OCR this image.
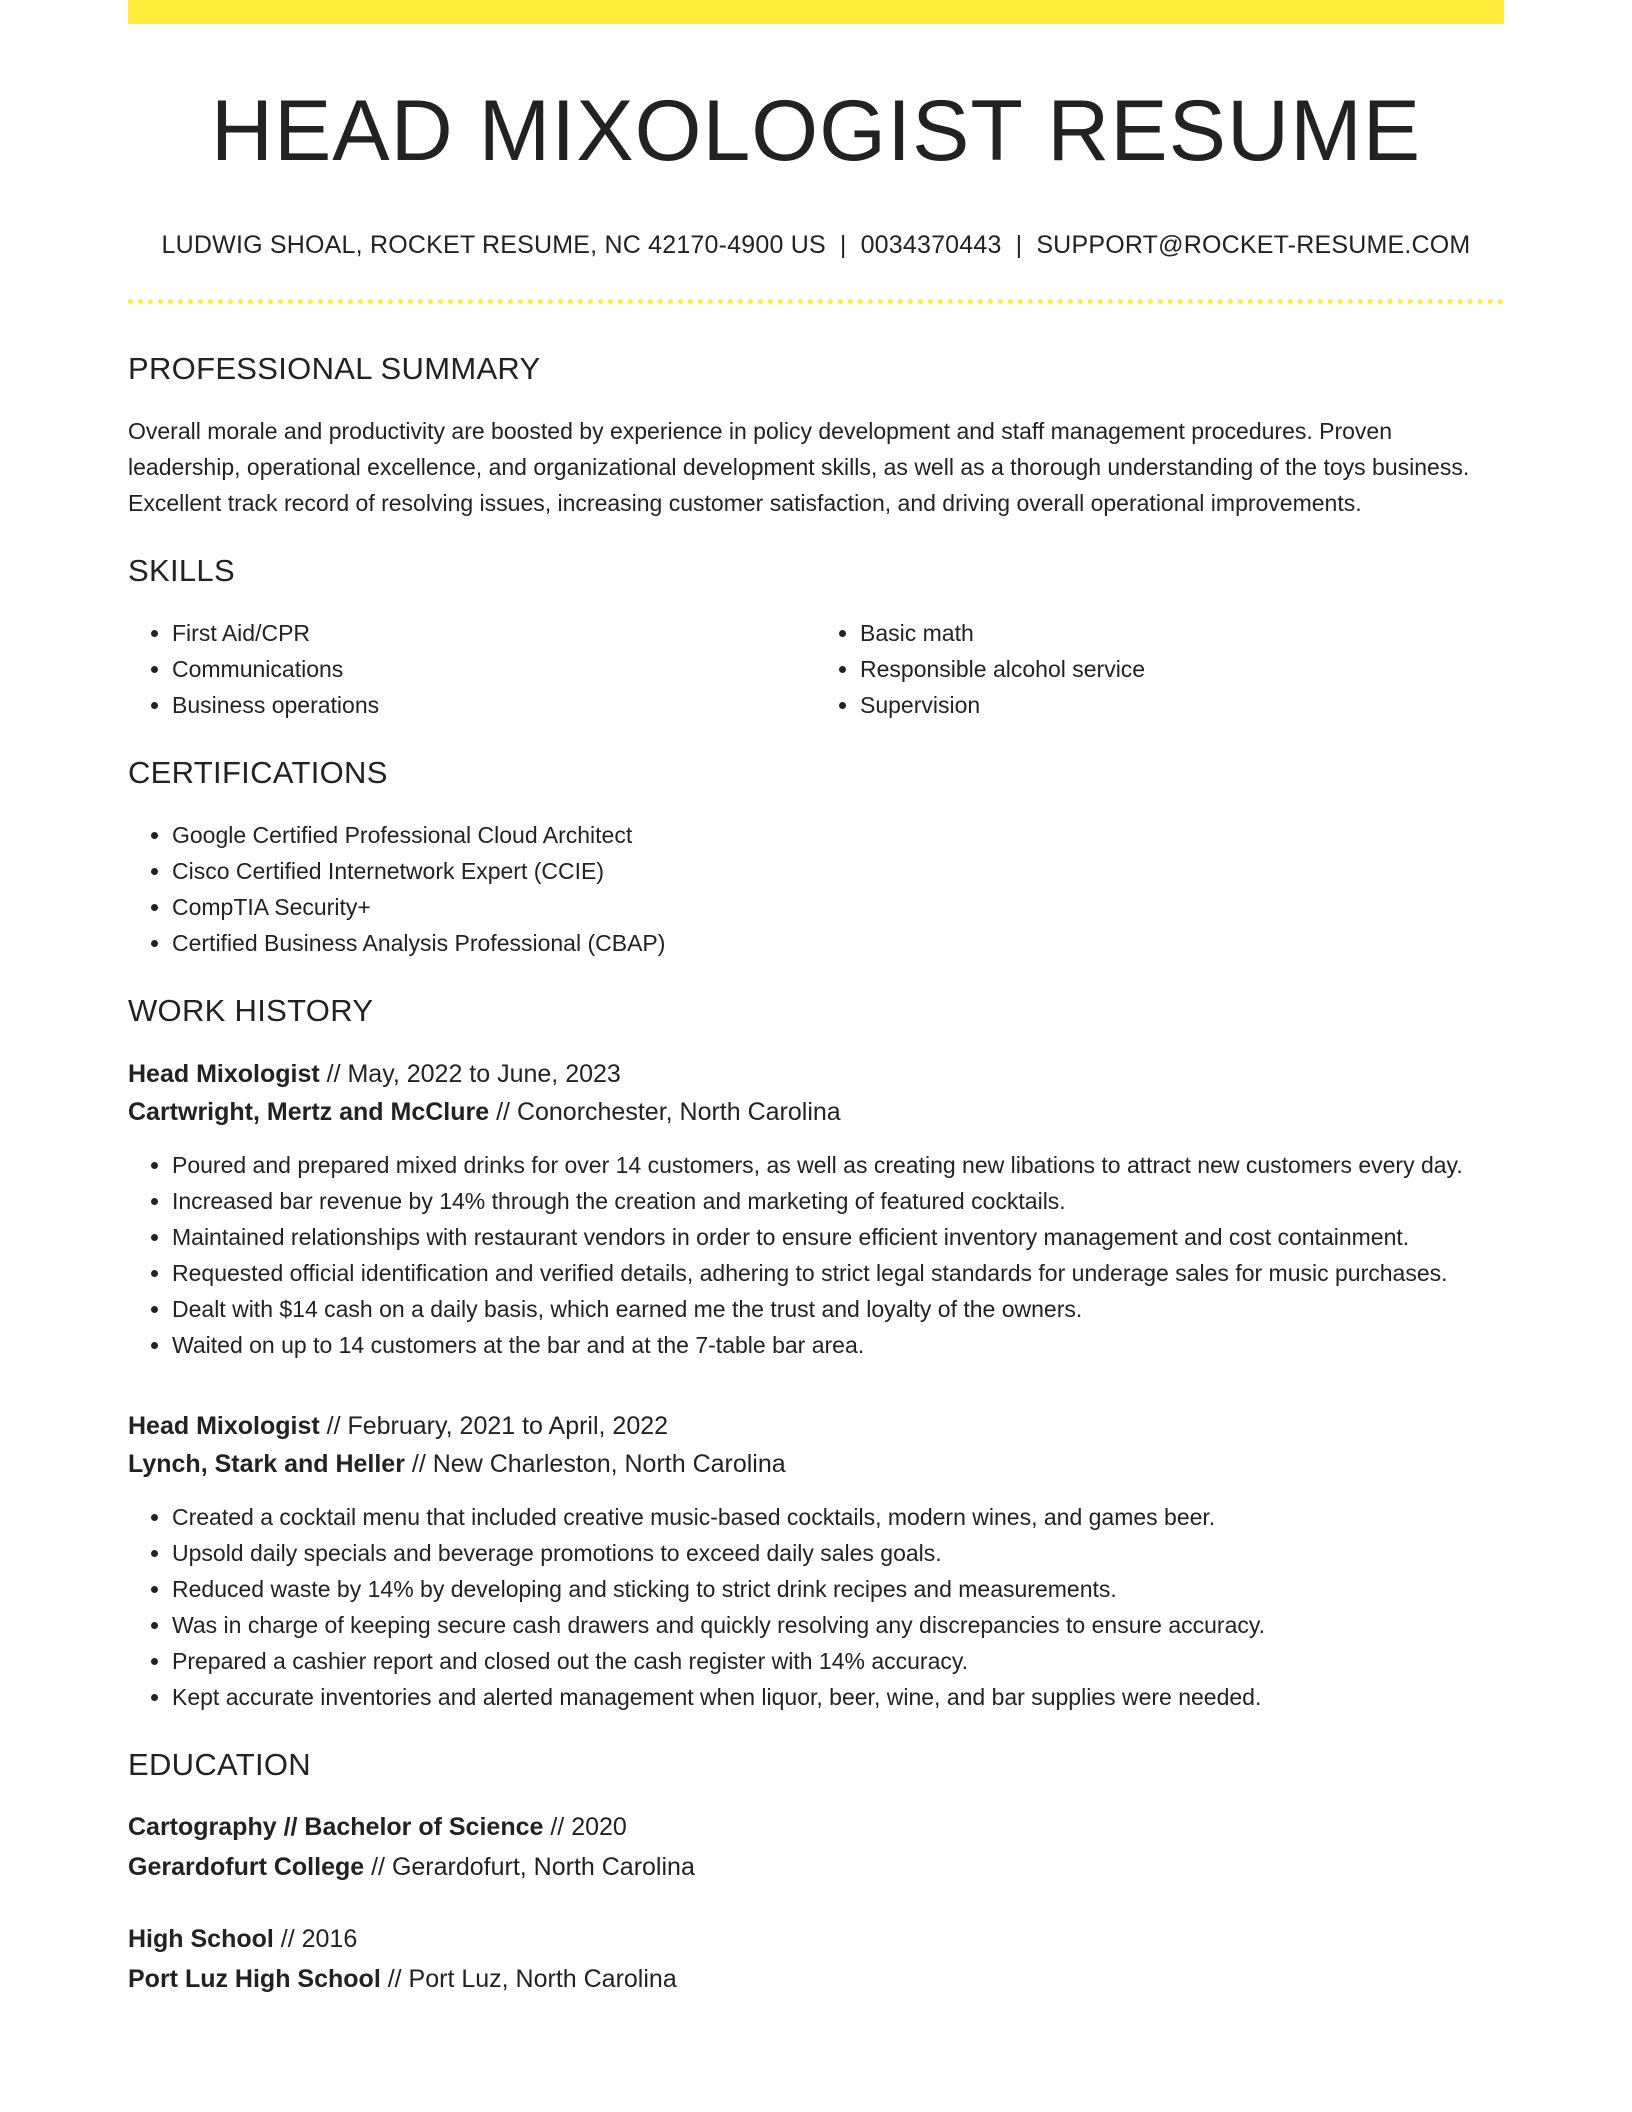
HEAD MIXOLOGIST RESUME
LUDWIG SHOAL, ROCKET RESUME, NC 42170-4900 US | 0034370443 | SUPPORT@ROCKET-RESUME.COM
PROFESSIONAL SUMMARY
Overall morale and productivity are boosted by experience in policy development and staff management procedures. Proven leadership, operational excellence, and organizational development skills, as well as a thorough understanding of the toys business. Excellent track record of resolving issues, increasing customer satisfaction, and driving overall operational improvements.
SKILLS
• First Aid/CPR
• Communications
• Business operations
• Basic math
• Responsible alcohol service
• Supervision
CERTIFICATIONS
• Google Certified Professional Cloud Architect
• Cisco Certified Internetwork Expert (CCIE)
• CompTIA Security+
• Certified Business Analysis Professional (CBAP)
WORK HISTORY
Head Mixologist // May, 2022 to June, 2023
Cartwright, Mertz and McClure // Conorchester, North Carolina
• Poured and prepared mixed drinks for over 14 customers, as well as creating new libations to attract new customers every day.
• Increased bar revenue by 14% through the creation and marketing of featured cocktails.
• Maintained relationships with restaurant vendors in order to ensure efficient inventory management and cost containment.
• Requested official identification and verified details, adhering to strict legal standards for underage sales for music purchases.
• Dealt with $14 cash on a daily basis, which earned me the trust and loyalty of the owners.
• Waited on up to 14 customers at the bar and at the 7-table bar area.
Head Mixologist // February, 2021 to April, 2022
Lynch, Stark and Heller // New Charleston, North Carolina
• Created a cocktail menu that included creative music-based cocktails, modern wines, and games beer.
• Upsold daily specials and beverage promotions to exceed daily sales goals.
• Reduced waste by 14% by developing and sticking to strict drink recipes and measurements.
• Was in charge of keeping secure cash drawers and quickly resolving any discrepancies to ensure accuracy.
• Prepared a cashier report and closed out the cash register with 14% accuracy.
• Kept accurate inventories and alerted management when liquor, beer, wine, and bar supplies were needed.
EDUCATION
Cartography // Bachelor of Science // 2020
Gerardofurt College // Gerardofurt, North Carolina
High School // 2016
Port Luz High School // Port Luz, North Carolina
